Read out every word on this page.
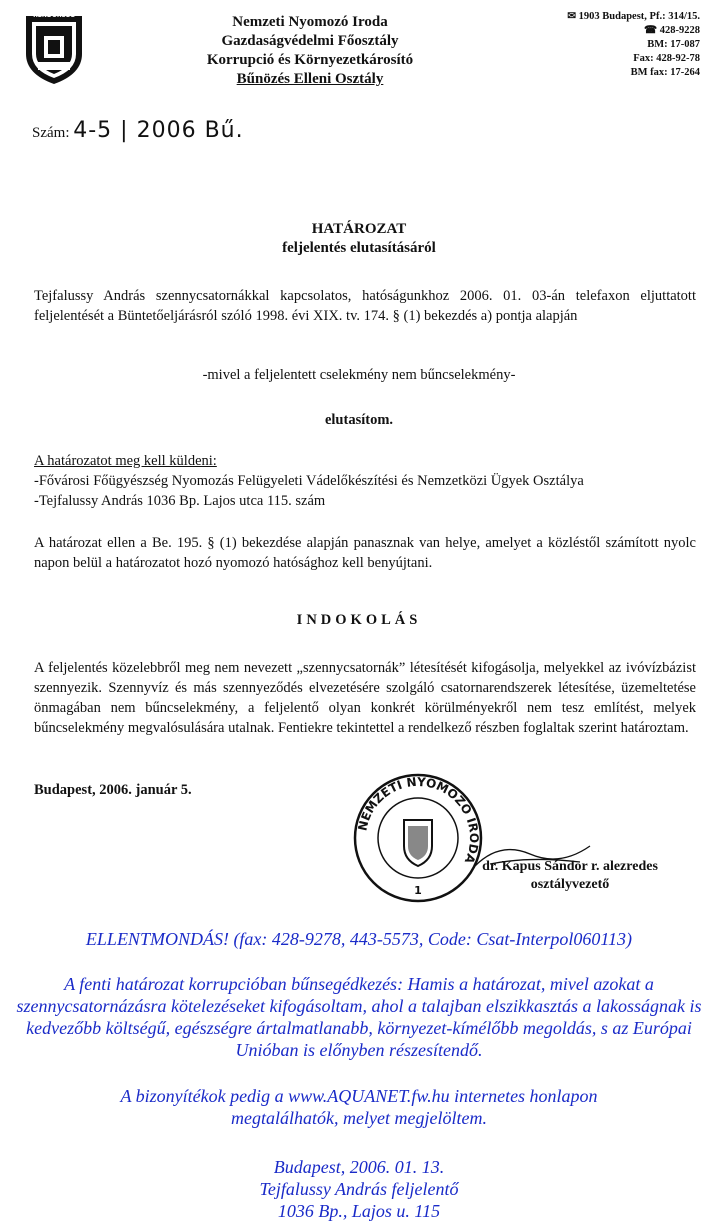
RENDŐRSÉG	Nemzeti Nyomozó Iroda
Gazdaságvédelmi Főosztály
Korrupció és Környezetkárosító
Bűnözés Elleni Osztály
✉ 1903 Budapest, Pf.: 314/15.
☎ 428-9228
BM: 17-087
Fax: 428-92-78
BM fax: 17-264
Szám: 4-5 | 2006 Bű.
HATÁROZAT
feljelentés elutasításáról
Tejfalussy András szennycsatornákkal kapcsolatos, hatóságunkhoz 2006. 01. 03-án telefaxon eljuttatott feljelentését a Büntetőeljárásról szóló 1998. évi XIX. tv. 174. § (1) bekezdés a) pontja alapján
-mivel a feljelentett cselekmény nem bűncselekmény-
elutasítom.
A határozatot meg kell küldeni:
-Fővárosi Főügyészség Nyomozás Felügyeleti Vádelőkészítési és Nemzetközi Ügyek Osztálya
-Tejfalussy András 1036 Bp. Lajos utca 115. szám
A határozat ellen a Be. 195. § (1) bekezdése alapján panasznak van helye, amelyet a közléstől számított nyolc napon belül a határozatot hozó nyomozó hatósághoz kell benyújtani.
INDOKOLÁS
A feljelentés közelebbről meg nem nevezett „szennycsatornák” létesítését kifogásolja, melyekkel az ivóvízbázist szennyezik. Szennyvíz és más szennyeződés elvezetésére szolgáló csatornarendszerek létesítése, üzemeltetése önmagában nem bűncselekmény, a feljelentő olyan konkrét körülményekről nem tesz említést, melyek bűncselekmény megvalósulására utalnak. Fentiekre tekintettel a rendelkező részben foglaltak szerint határoztam.
Budapest, 2006. január 5.
NEMZETI NYOMOZÓ IRODA
1
dr. Kapus Sándor r. alezredes
osztályvezető
ELLENTMONDÁS! (fax: 428-9278, 443-5573, Code: Csat-Interpol060113)
A fenti határozat korrupcióban bűnsegédkezés: Hamis a határozat, mivel azokat a szennycsatornázásra kötelezéseket kifogásoltam, ahol a talajban elszikkasztás a lakosságnak is kedvezőbb költségű, egészségre ártalmatlanabb, környezet-kímélőbb megoldás, s az Európai Unióban is előnyben részesítendő.
A bizonyítékok pedig a www.AQUANET.fw.hu internetes honlapon megtalálhatók, melyet megjelöltem.
Budapest, 2006. 01. 13.
Tejfalussy András feljelentő
1036 Bp., Lajos u. 115
